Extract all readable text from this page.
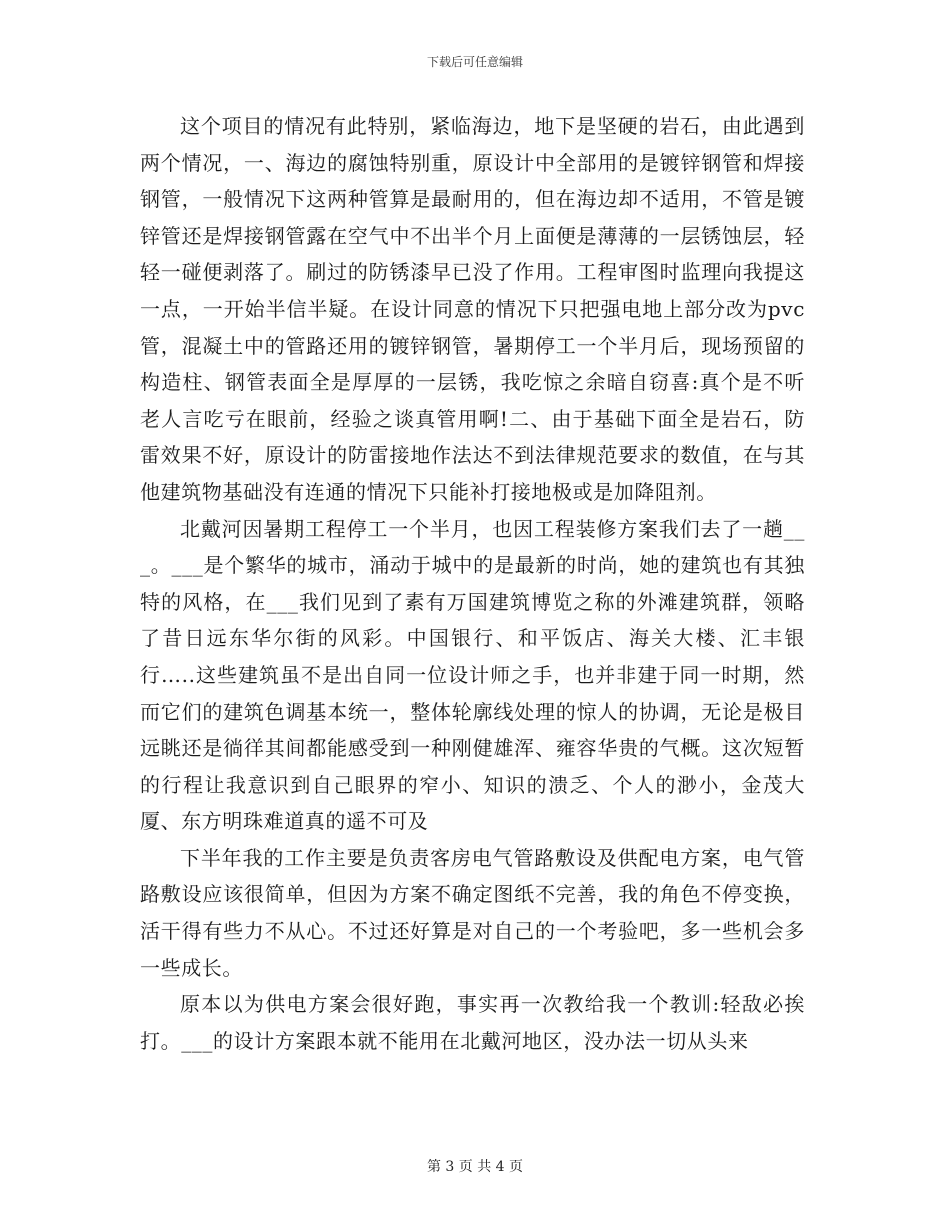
下载后可任意编辑

这个项目的情况有此特别，紧临海边，地下是坚硬的岩石，由此遇到两个情况，一、海边的腐蚀特别重，原设计中全部用的是镀锌钢管和焊接钢管，一般情况下这两种管算是最耐用的，但在海边却不适用，不管是镀锌管还是焊接钢管露在空气中不出半个月上面便是薄薄的一层锈蚀层，轻轻一碰便剥落了。刷过的防锈漆早已没了作用。工程审图时监理向我提这一点，一开始半信半疑。在设计同意的情况下只把强电地上部分改为pvc管，混凝土中的管路还用的镀锌钢管，暑期停工一个半月后，现场预留的构造柱、钢管表面全是厚厚的一层锈，我吃惊之余暗自窃喜:真个是不听老人言吃亏在眼前，经验之谈真管用啊!二、由于基础下面全是岩石，防雷效果不好，原设计的防雷接地作法达不到法律规范要求的数值，在与其他建筑物基础没有连通的情况下只能补打接地极或是加降阻剂。

北戴河因暑期工程停工一个半月，也因工程装修方案我们去了一趟___。___是个繁华的城市，涌动于城中的是最新的时尚，她的建筑也有其独特的风格，在___我们见到了素有万国建筑博览之称的外滩建筑群，领略了昔日远东华尔街的风彩。中国银行、和平饭店、海关大楼、汇丰银行…..这些建筑虽不是出自同一位设计师之手，也并非建于同一时期，然而它们的建筑色调基本统一，整体轮廓线处理的惊人的协调，无论是极目远眺还是徜徉其间都能感受到一种刚健雄浑、雍容华贵的气概。这次短暂的行程让我意识到自己眼界的窄小、知识的溃乏、个人的渺小，金茂大厦、东方明珠难道真的遥不可及

下半年我的工作主要是负责客房电气管路敷设及供配电方案，电气管路敷设应该很简单，但因为方案不确定图纸不完善，我的角色不停变换，活干得有些力不从心。不过还好算是对自己的一个考验吧，多一些机会多一些成长。

原本以为供电方案会很好跑，事实再一次教给我一个教训:轻敌必挨打。___的设计方案跟本就不能用在北戴河地区，没办法一切从头来

第 3 页 共 4 页
